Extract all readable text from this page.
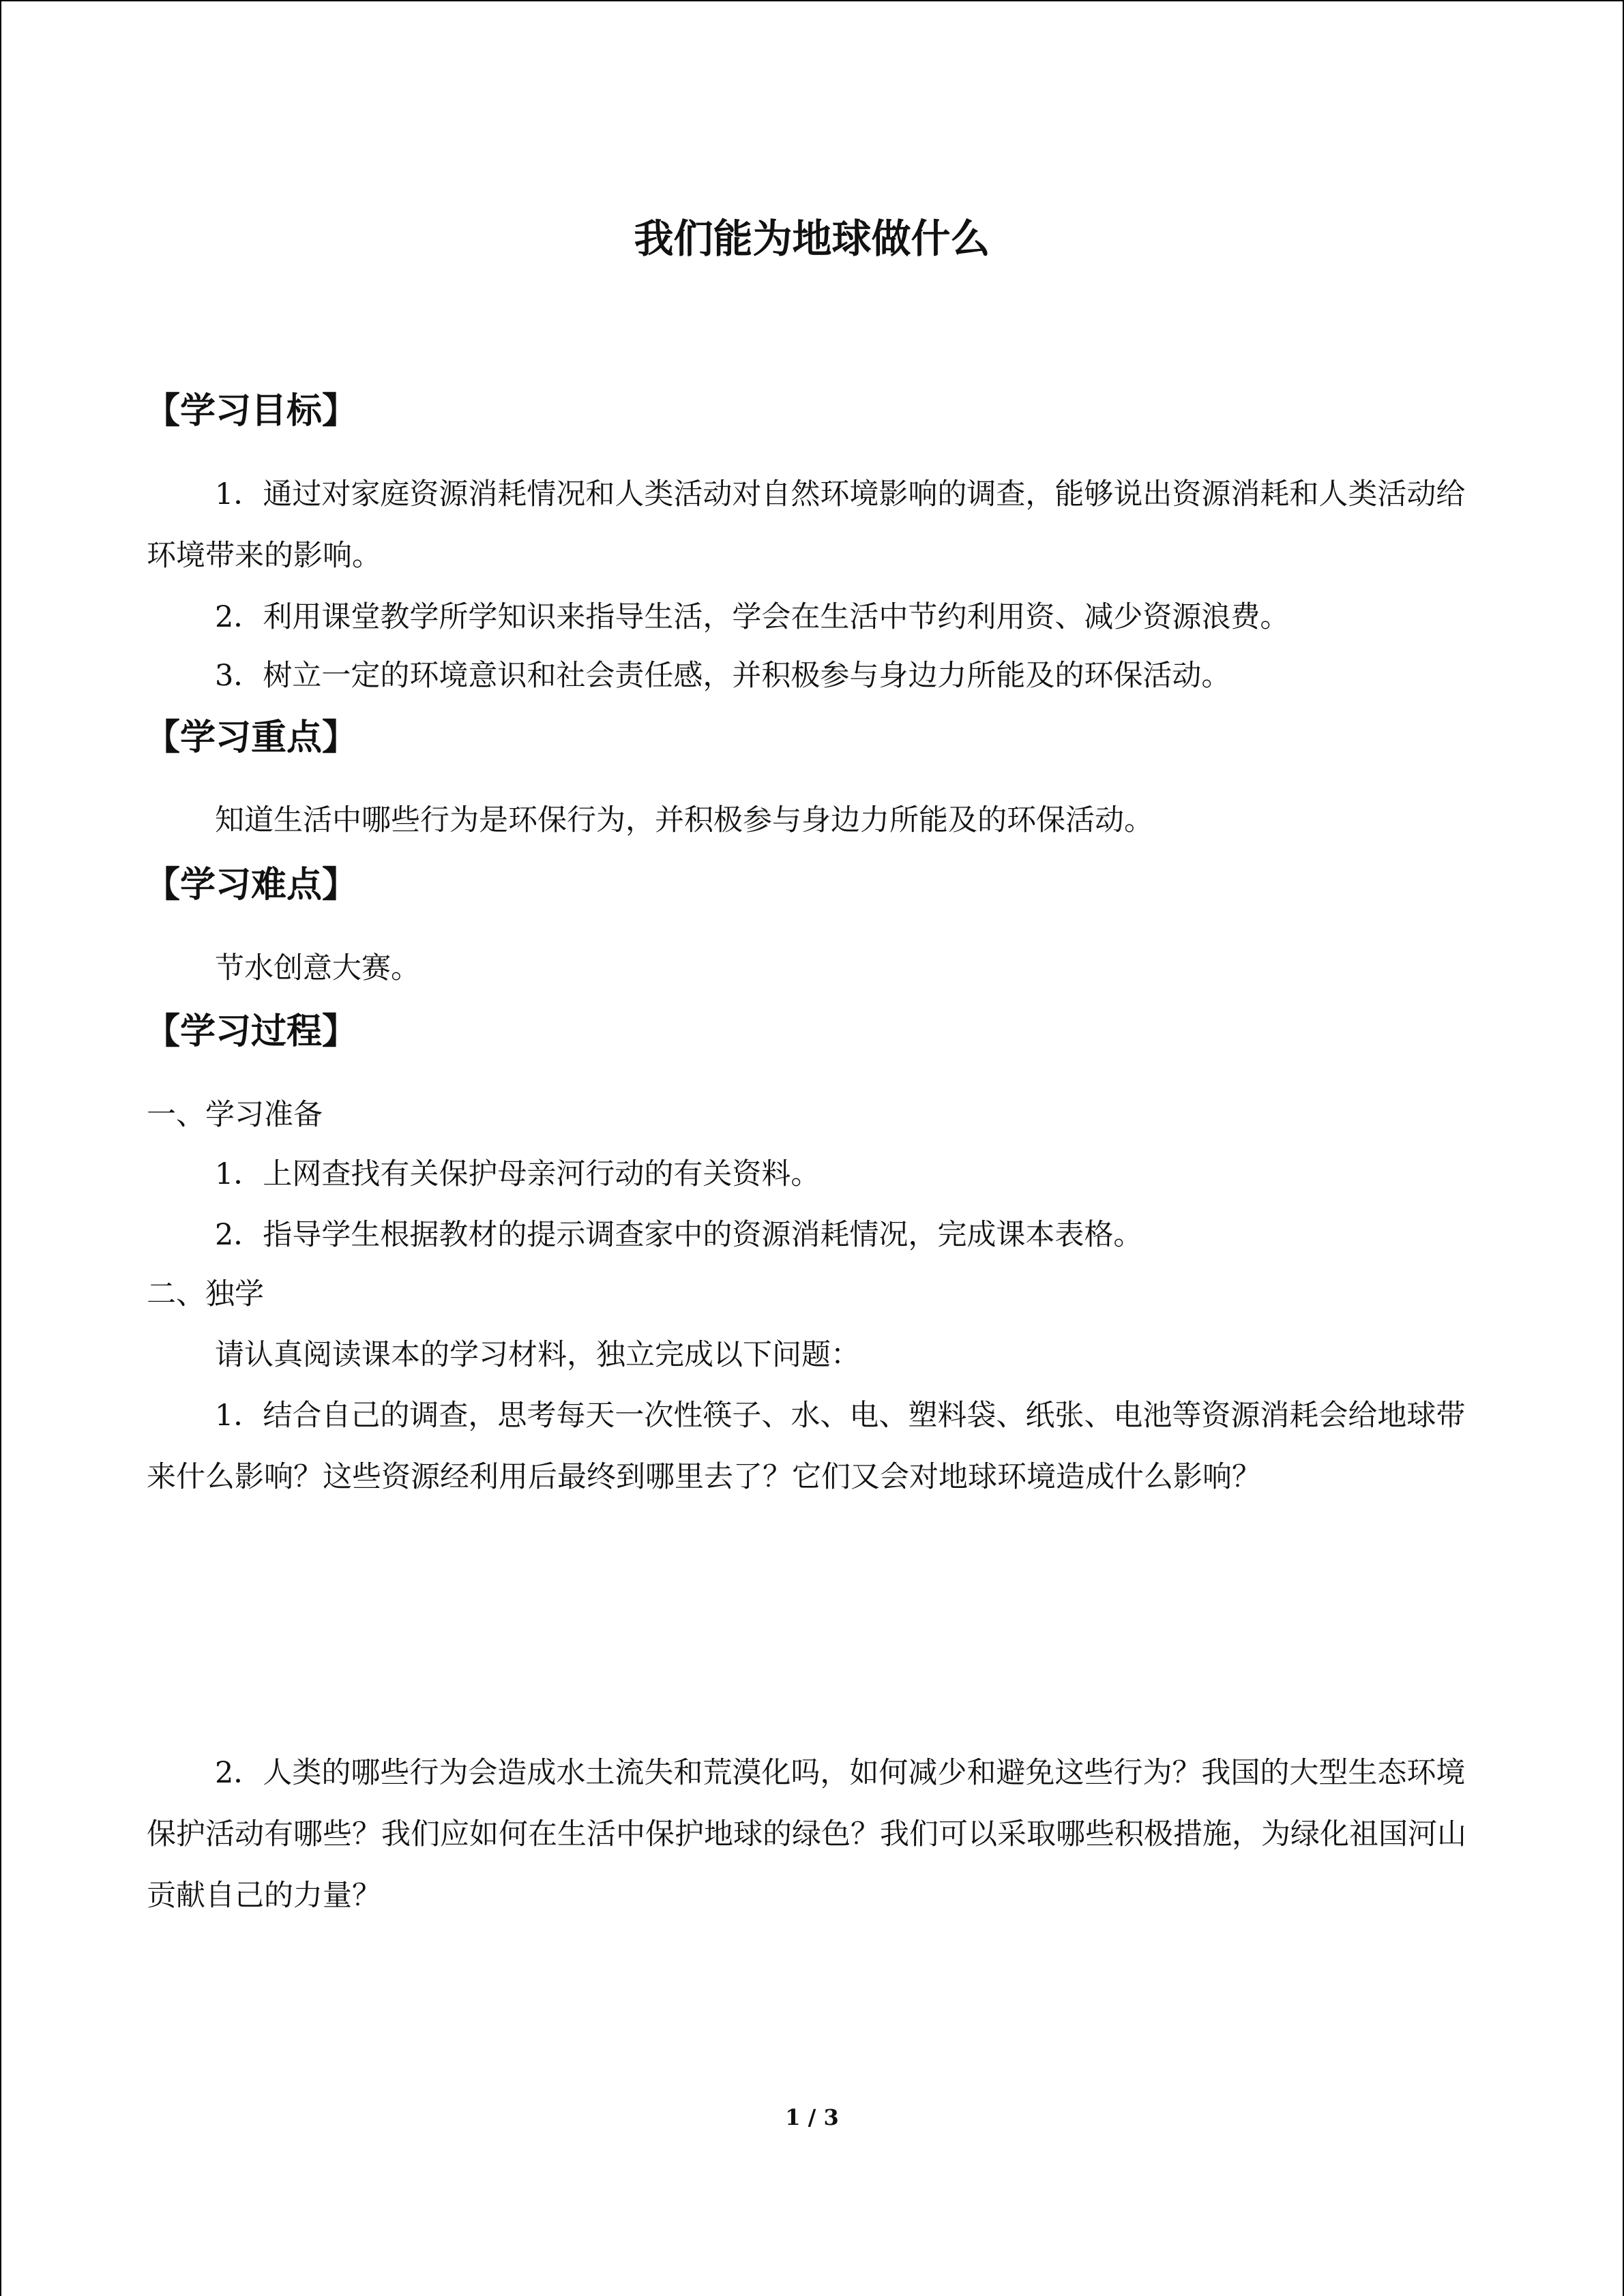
我们能为地球做什么
【学习目标】

1．通过对家庭资源消耗情况和人类活动对自然环境影响的调查，能够说出资源消耗和人类活动给环境带来的影响。

2．利用课堂教学所学知识来指导生活，学会在生活中节约利用资、减少资源浪费。

3．树立一定的环境意识和社会责任感，并积极参与身边力所能及的环保活动。

【学习重点】

知道生活中哪些行为是环保行为，并积极参与身边力所能及的环保活动。

【学习难点】

节水创意大赛。

【学习过程】

一、学习准备

1．上网查找有关保护母亲河行动的有关资料。

2．指导学生根据教材的提示调查家中的资源消耗情况，完成课本表格。

二、独学

请认真阅读课本的学习材料，独立完成以下问题：

1．结合自己的调查，思考每天一次性筷子、水、电、塑料袋、纸张、电池等资源消耗会给地球带来什么影响？这些资源经利用后最终到哪里去了？它们又会对地球环境造成什么影响？

2．人类的哪些行为会造成水土流失和荒漠化吗，如何减少和避免这些行为？我国的大型生态环境保护活动有哪些？我们应如何在生活中保护地球的绿色？我们可以采取哪些积极措施，为绿化祖国河山贡献自己的力量？

1 / 3
